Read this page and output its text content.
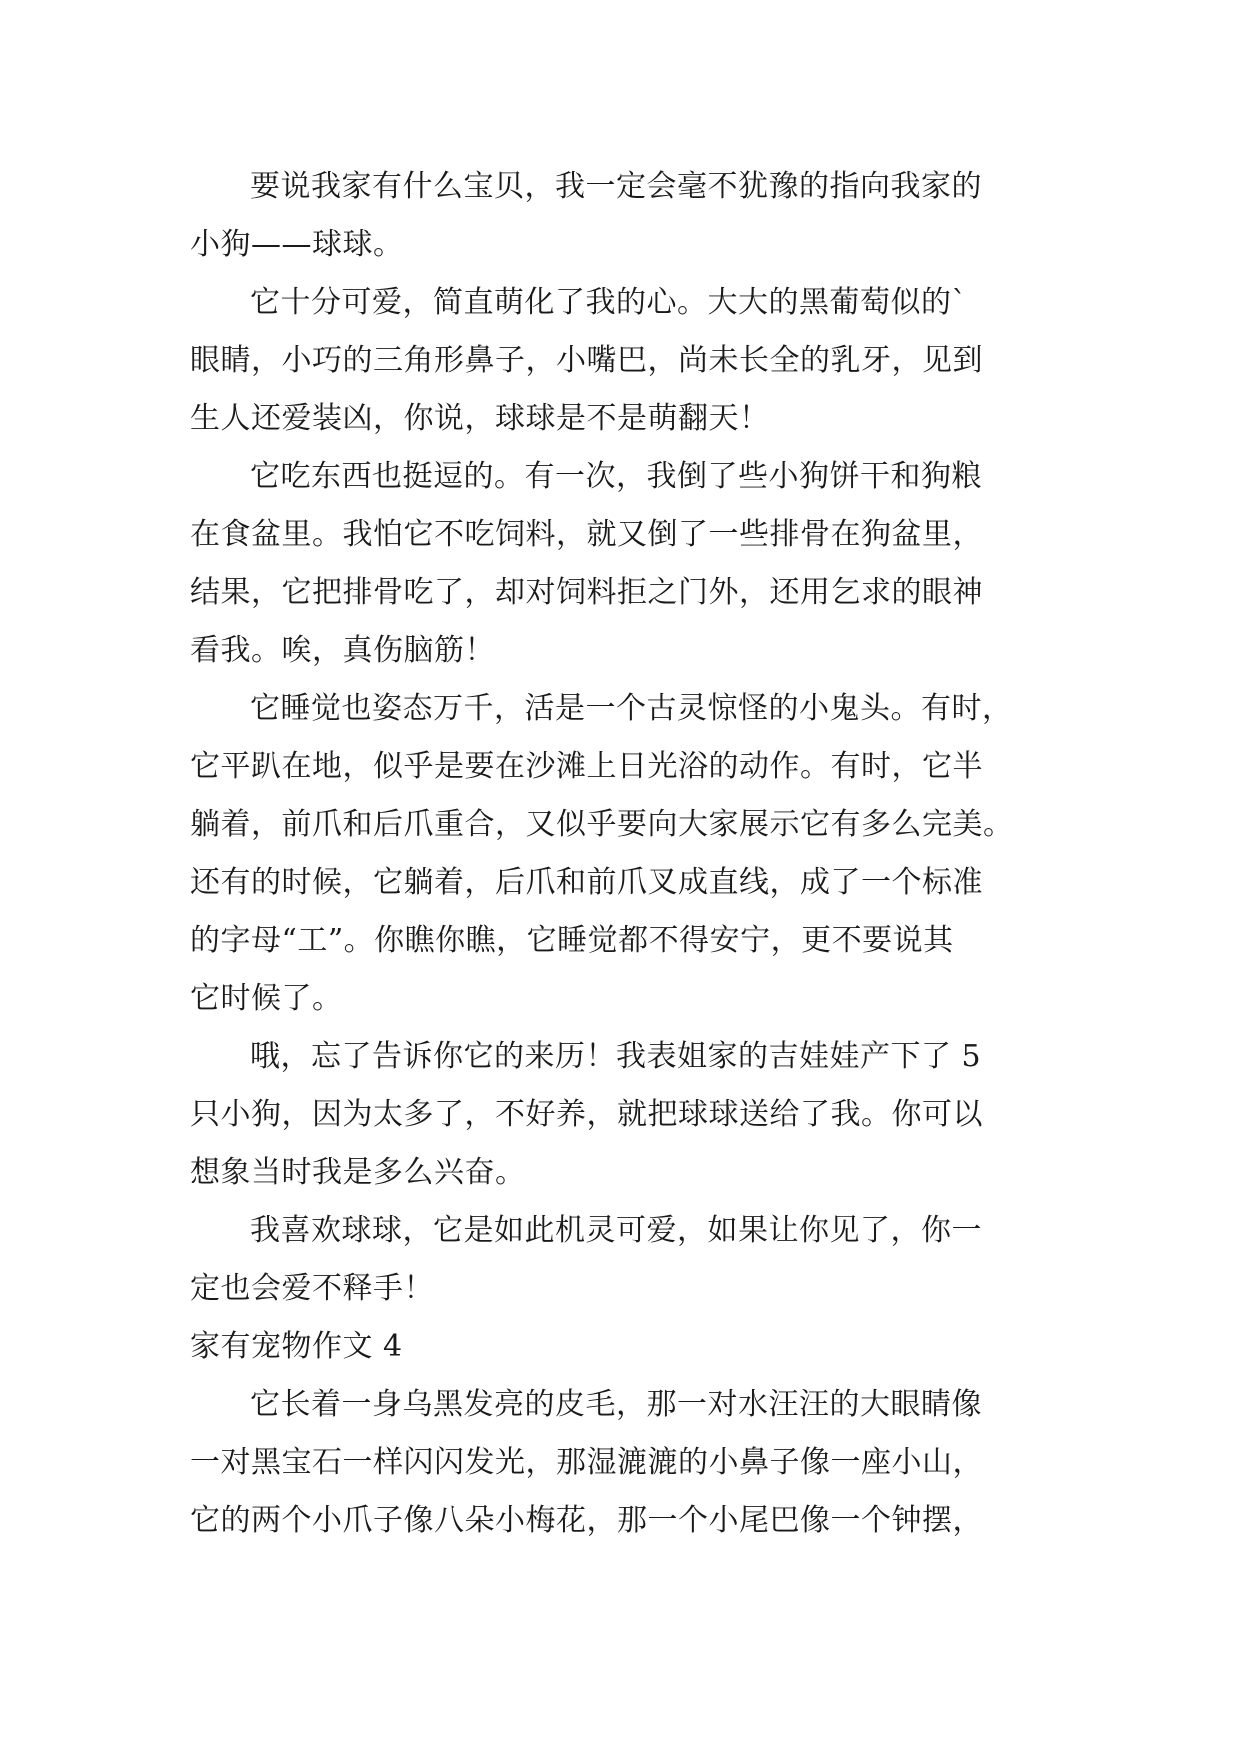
要说我家有什么宝贝，我一定会毫不犹豫的指向我家的
小狗——球球。
它十分可爱，简直萌化了我的心。大大的黑葡萄似的`
眼睛，小巧的三角形鼻子，小嘴巴，尚未长全的乳牙，见到
生人还爱装凶，你说，球球是不是萌翻天！
它吃东西也挺逗的。有一次，我倒了些小狗饼干和狗粮
在食盆里。我怕它不吃饲料，就又倒了一些排骨在狗盆里，
结果，它把排骨吃了，却对饲料拒之门外，还用乞求的眼神
看我。唉，真伤脑筋！
它睡觉也姿态万千，活是一个古灵惊怪的小鬼头。有时，
它平趴在地，似乎是要在沙滩上日光浴的动作。有时，它半
躺着，前爪和后爪重合，又似乎要向大家展示它有多么完美。
还有的时候，它躺着，后爪和前爪叉成直线，成了一个标准
的字母“工”。你瞧你瞧，它睡觉都不得安宁，更不要说其
它时候了。
哦，忘了告诉你它的来历！我表姐家的吉娃娃产下了 5
只小狗，因为太多了，不好养，就把球球送给了我。你可以
想象当时我是多么兴奋。
我喜欢球球，它是如此机灵可爱，如果让你见了，你一
定也会爱不释手！
家有宠物作文 4
它长着一身乌黑发亮的皮毛，那一对水汪汪的大眼睛像
一对黑宝石一样闪闪发光，那湿漉漉的小鼻子像一座小山，
它的两个小爪子像八朵小梅花，那一个小尾巴像一个钟摆，
